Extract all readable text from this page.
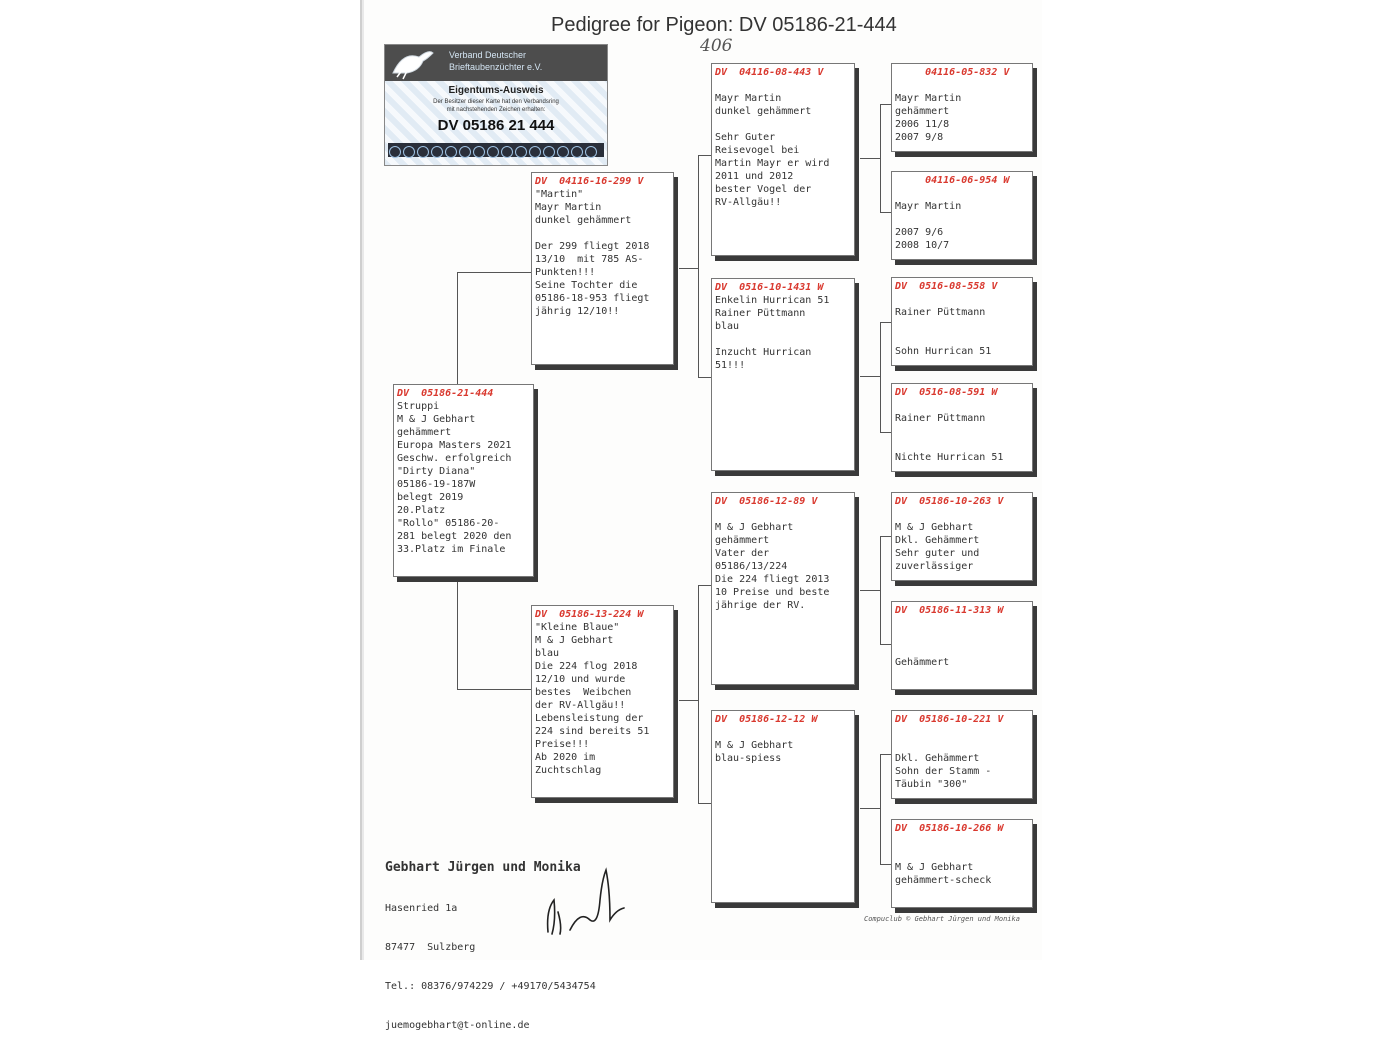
Pedigree for Pigeon: DV 05186-21-444
406
Verband Deutscher
Brieftaubenzüchter e.V.
Eigentums-Ausweis
Der Besitzer dieser Karte hat den Verbandsring
mit nachstehenden Zeichen erhalten:
DV 05186 21 444
DV  05186-21-444
Struppi
M & J Gebhart
gehämmert
Europa Masters 2021
Geschw. erfolgreich
"Dirty Diana"
05186-19-187W
belegt 2019
20.Platz
"Rollo" 05186-20-
281 belegt 2020 den
33.Platz im Finale
DV  04116-16-299 V
"Martin"
Mayr Martin
dunkel gehämmert

Der 299 fliegt 2018
13/10  mit 785 AS-
Punkten!!!
Seine Tochter die
05186-18-953 fliegt
jährig 12/10!!
DV  05186-13-224 W
"Kleine Blaue"
M & J Gebhart
blau
Die 224 flog 2018
12/10 und wurde
bestes  Weibchen
der RV-Allgäu!!
Lebensleistung der
224 sind bereits 51
Preise!!!
Ab 2020 im
Zuchtschlag
DV  04116-08-443 V

Mayr Martin
dunkel gehämmert

Sehr Guter
Reisevogel bei
Martin Mayr er wird
2011 und 2012
bester Vogel der
RV-Allgäu!!
DV  0516-10-1431 W
Enkelin Hurrican 51
Rainer Püttmann
blau

Inzucht Hurrican
51!!!
DV  05186-12-89 V

M & J Gebhart
gehämmert
Vater der
05186/13/224
Die 224 fliegt 2013
10 Preise und beste
jährige der RV.
DV  05186-12-12 W

M & J Gebhart
blau-spiess
04116-05-832 V

Mayr Martin
gehämmert
2006 11/8
2007 9/8
04116-06-954 W

Mayr Martin

2007 9/6
2008 10/7
DV  0516-08-558 V

Rainer Püttmann

Sohn Hurrican 51
DV  0516-08-591 W

Rainer Püttmann

Nichte Hurrican 51
DV  05186-10-263 V

M & J Gebhart
Dkl. Gehämmert
Sehr guter und
zuverlässiger
DV  05186-11-313 W

Gehämmert
DV  05186-10-221 V

Dkl. Gehämmert
Sohn der Stamm -
Täubin "300"
DV  05186-10-266 W

M & J Gebhart
gehämmert-scheck

Gebhart Jürgen und Monika

Hasenried 1a

87477  Sulzberg

Tel.: 08376/974229 / +49170/5434754

juemogebhart@t-online.de

Compuclub © Gebhart Jürgen und Monika
